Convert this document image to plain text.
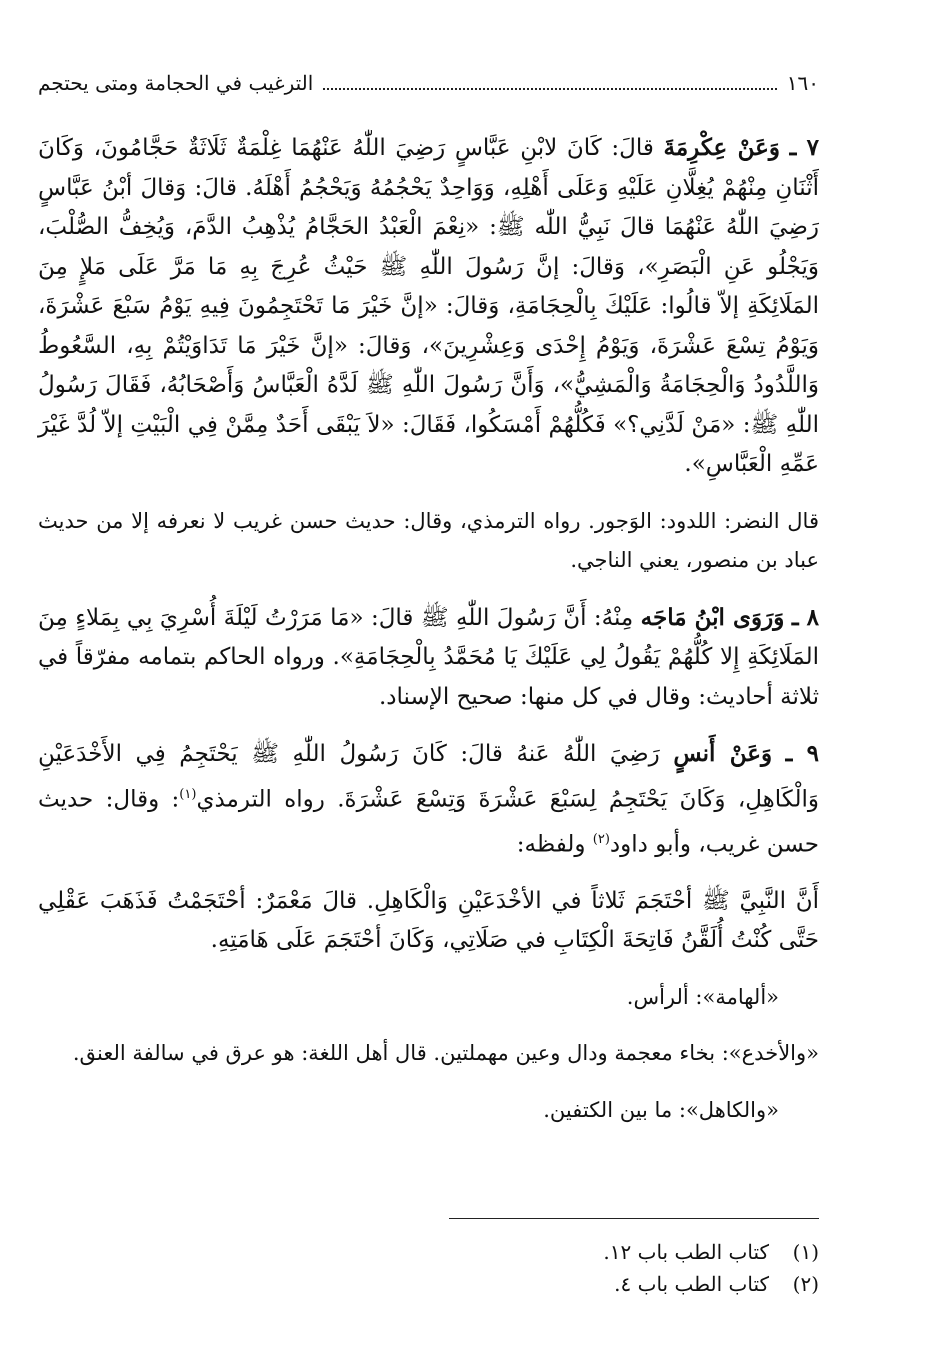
١٦٠
الترغيب في الحجامة ومتى يحتجم

٧ ـ وَعَنْ عِكْرِمَةَ قالَ: كَانَ لابْنِ عَبَّاسٍ رَضِيَ اللّٰهُ عَنْهُمَا غِلْمَةٌ ثَلَاثَةٌ حَجَّامُونَ، وَكَانَ أَثْنَانِ مِنْهُمْ يُغِلَّانِ عَلَيْهِ وَعَلَى أَهْلِهِ، وَوَاحِدٌ يَحْجُمُهُ وَيَحْجُمُ أَهْلَهُ. قالَ: وَقالَ أبْنُ عَبَّاسٍ رَضِيَ اللّٰهُ عَنْهُمَا قالَ نَبِيُّ اللّٰه ﷺ: «نِعْمَ الْعَبْدُ الحَجَّامُ يُذْهِبُ الدَّمَ، وَيُخِفُّ الصُّلْبَ، وَيَجْلُو عَنِ الْبَصَرِ»، وَقالَ: إنَّ رَسُولَ اللّٰهِ ﷺ حَيْثُ عُرِجَ بِهِ مَا مَرَّ عَلَى مَلإٍ مِنَ المَلَائِكَةِ إلاّ قالُوا: عَلَيْكَ بِالْحِجَامَةِ، وَقالَ: «إنَّ خَيْرَ مَا تَحْتَجِمُونَ فِيهِ يَوْمُ سَبْعَ عَشْرَةَ، وَيَوْمُ تِسْعَ عَشْرَةَ، وَيَوْمُ إِحْدَى وَعِشْرِينَ»، وَقالَ: «إنَّ خَيْرَ مَا تَدَاوَيْتُمْ بِهِ، السَّعُوطُ وَاللَّدُودُ وَالْحِجَامَةُ وَالْمَشِيُّ»، وَأَنَّ رَسُولَ اللّٰهِ ﷺ لَدَّهُ الْعَبَّاسُ وَأَصْحَابُهُ، فَقَالَ رَسُولُ اللّٰهِ ﷺ: «مَنْ لَدَّنِي؟» فَكُلُّهُمْ أَمْسَكُوا، فَقَالَ: «لاَ يَبْقَى أَحَدٌ مِمَّنْ فِي الْبَيْتِ إلاّ لُدَّ غَيْرَ عَمِّهِ الْعَبَّاسِ».

قال النضر: اللدود: الوَجور. رواه الترمذي، وقال: حديث حسن غريب لا نعرفه إلا من حديث عباد بن منصور، يعني الناجي.

٨ ـ وَرَوَى ابْنُ مَاجَه مِنْهُ: أَنَّ رَسُولَ اللّٰهِ ﷺ قالَ: «مَا مَرَرْتُ لَيْلَةَ أُسْرِيَ بِي بِمَلاءٍ مِنَ المَلَائِكَةِ إِلا كُلُّهُمْ يَقُولُ لِي عَلَيْكَ يَا مُحَمَّدُ بِالْحِجَامَةِ». ورواه الحاكم بتمامه مفرّقاً في ثلاثة أحاديث: وقال في كل منها: صحيح الإسناد.

٩ ـ وَعَنْ أَنسٍ رَضِيَ اللّٰهُ عَنهُ قالَ: كَانَ رَسُولُ اللّٰهِ ﷺ يَحْتَجِمُ فِي الأَخْدَعَيْنِ وَالْكَاهِلِ، وَكَانَ يَحْتَجِمُ لِسَبْعَ عَشْرَةَ وَتِسْعَ عَشْرَةَ. رواه الترمذي$^{(١)}$: وقال: حديث حسن غريب، وأبو داود$^{(٢)}$ ولفظه:

أَنَّ النَّبِيَّ ﷺ أحْتَجَمَ ثَلاثاً في الأخْدَعَيْنِ وَالْكَاهِلِ. قالَ مَعْمَرٌ: أحْتَجَمْتُ فَذَهَبَ عَقْلِي حَتَّى كُنْتُ أُلَقَّنُ فَاتِحَةَ الْكِتَابِ في صَلَاتِي، وَكَانَ أحْتَجَمَ عَلَى هَامَتِهِ.

«ألهامة»: ألرأس.

«والأخدع»: بخاء معجمة ودال وعين مهملتين. قال أهل اللغة: هو عرق في سالفة العنق.

«والكاهل»: ما بين الكتفين.

(١)
كتاب الطب باب ١٢.
(٢)
كتاب الطب باب ٤.
